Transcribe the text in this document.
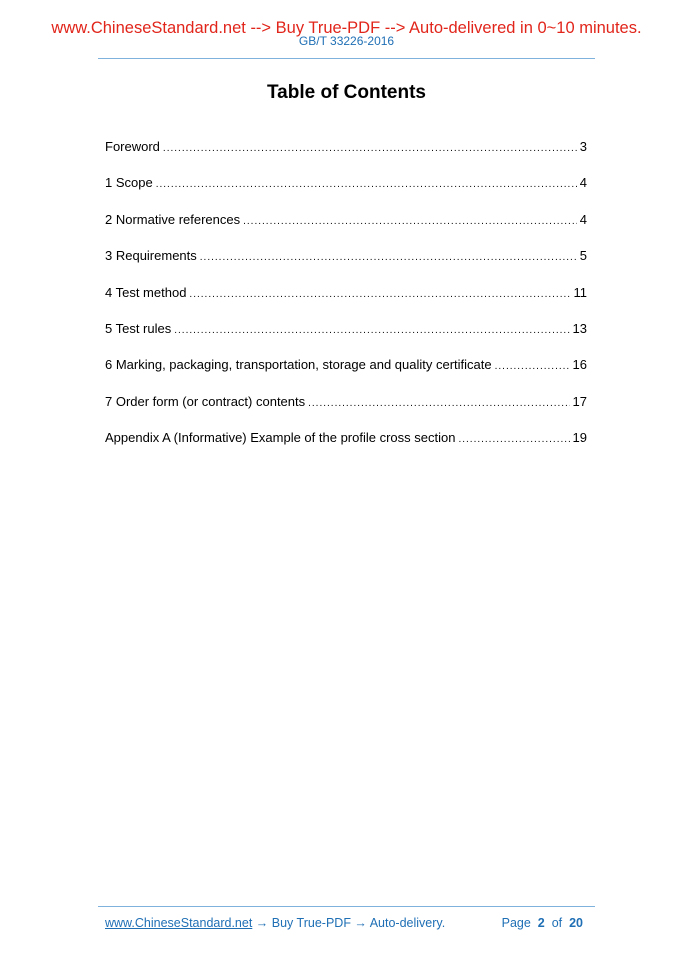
www.ChineseStandard.net --> Buy True-PDF --> Auto-delivered in 0~10 minutes.
GB/T 33226-2016
Table of Contents
Foreword .....	3
1 Scope .....	4
2 Normative references .....	4
3 Requirements .....	5
4 Test method .....	11
5 Test rules .....	13
6 Marking, packaging, transportation, storage and quality certificate .....	16
7 Order form (or contract) contents .....	17
Appendix A (Informative) Example of the profile cross section .....	19
www.ChineseStandard.net → Buy True-PDF → Auto-delivery.	Page 2 of 20
